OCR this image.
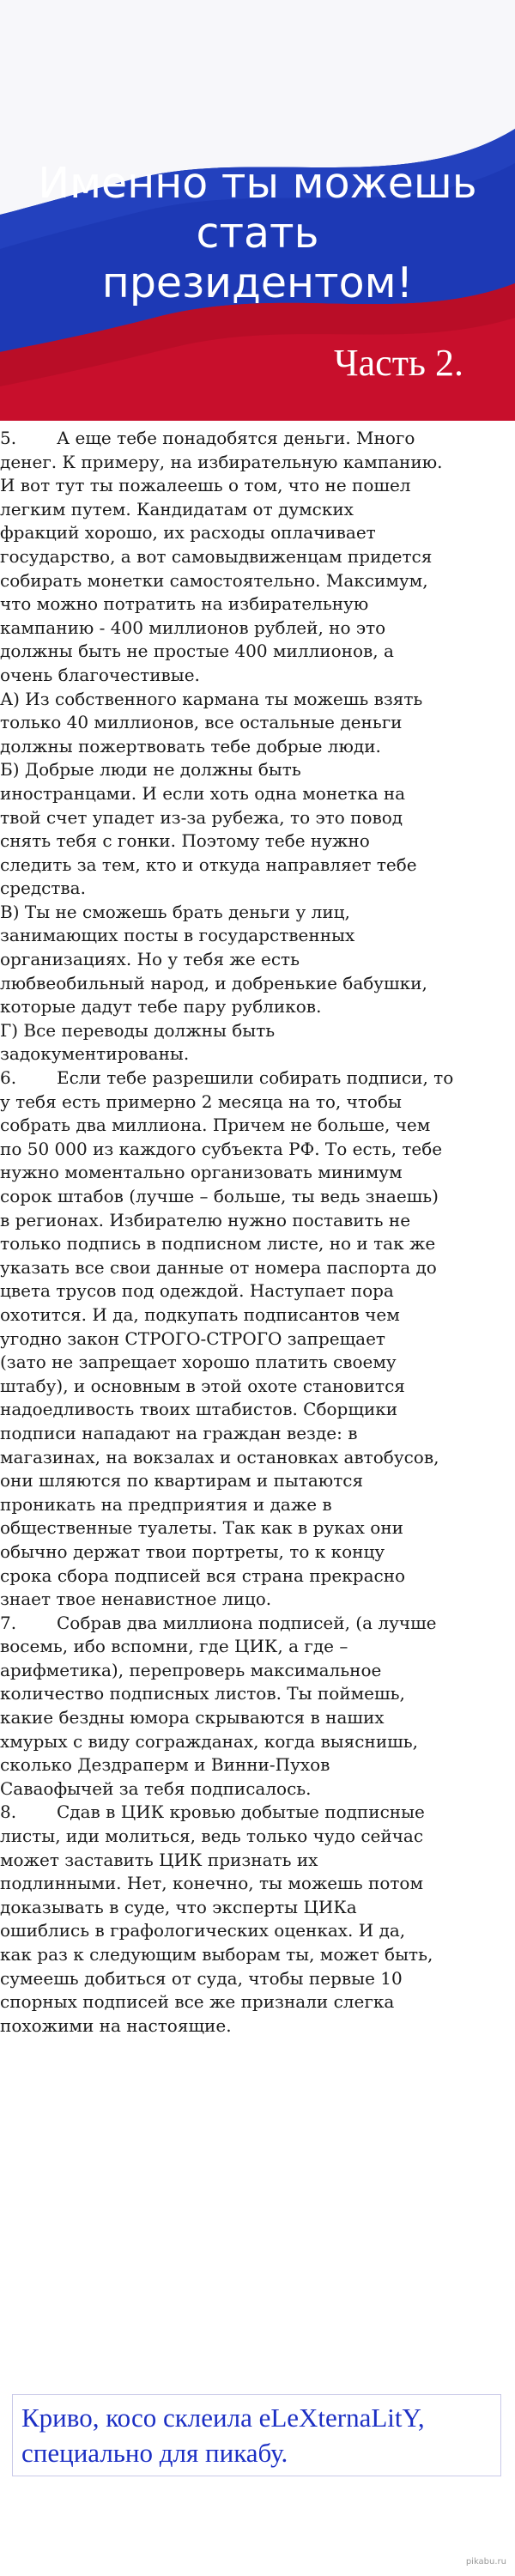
Именно ты можешь стать президентом!
Часть 2.
5. А еще тебе понадобятся деньги. Много
денег. К примеру, на избирательную кампанию.
И вот тут ты пожалеешь о том, что не пошел
легким путем. Кандидатам от думских
фракций хорошо, их расходы оплачивает
государство, а вот самовыдвиженцам придется
собирать монетки самостоятельно. Максимум,
что можно потратить на избирательную
кампанию - 400 миллионов рублей, но это
должны быть не простые 400 миллионов, а
очень благочестивые.
А) Из собственного кармана ты можешь взять
только 40 миллионов, все остальные деньги
должны пожертвовать тебе добрые люди.
Б) Добрые люди не должны быть
иностранцами. И если хоть одна монетка на
твой счет упадет из-за рубежа, то это повод
снять тебя с гонки. Поэтому тебе нужно
следить за тем, кто и откуда направляет тебе
средства.
В) Ты не сможешь брать деньги у лиц,
занимающих посты в государственных
организациях. Но у тебя же есть
любвеобильный народ, и добренькие бабушки,
которые дадут тебе пару рубликов.
Г) Все переводы должны быть
задокументированы.
6. Если тебе разрешили собирать подписи, то
у тебя есть примерно 2 месяца на то, чтобы
собрать два миллиона. Причем не больше, чем
по 50 000 из каждого субъекта РФ. То есть, тебе
нужно моментально организовать минимум
сорок штабов (лучше – больше, ты ведь знаешь)
в регионах. Избирателю нужно поставить не
только подпись в подписном листе, но и так же
указать все свои данные от номера паспорта до
цвета трусов под одеждой. Наступает пора
охотится. И да, подкупать подписантов чем
угодно закон СТРОГО-СТРОГО запрещает
(зато не запрещает хорошо платить своему
штабу), и основным в этой охоте становится
надоедливость твоих штабистов. Сборщики
подписи нападают на граждан везде: в
магазинах, на вокзалах и остановках автобусов,
они шляются по квартирам и пытаются
проникать на предприятия и даже в
общественные туалеты. Так как в руках они
обычно держат твои портреты, то к концу
срока сбора подписей вся страна прекрасно
знает твое ненавистное лицо.
7. Собрав два миллиона подписей, (а лучше
восемь, ибо вспомни, где ЦИК, а где –
арифметика), перепроверь максимальное
количество подписных листов. Ты поймешь,
какие бездны юмора скрываются в наших
хмурых с виду согражданах, когда выяснишь,
сколько Дездраперм и Винни-Пухов
Саваофычей за тебя подписалось.
8. Сдав в ЦИК кровью добытые подписные
листы, иди молиться, ведь только чудо сейчас
может заставить ЦИК признать их
подлинными. Нет, конечно, ты можешь потом
доказывать в суде, что эксперты ЦИКа
ошиблись в графологических оценках. И да,
как раз к следующим выборам ты, может быть,
сумеешь добиться от суда, чтобы первые 10
спорных подписей все же признали слегка
похожими на настоящие.
Криво, косо склеила eLeXternaLitY,
специально для пикабу.
pikabu.ru
